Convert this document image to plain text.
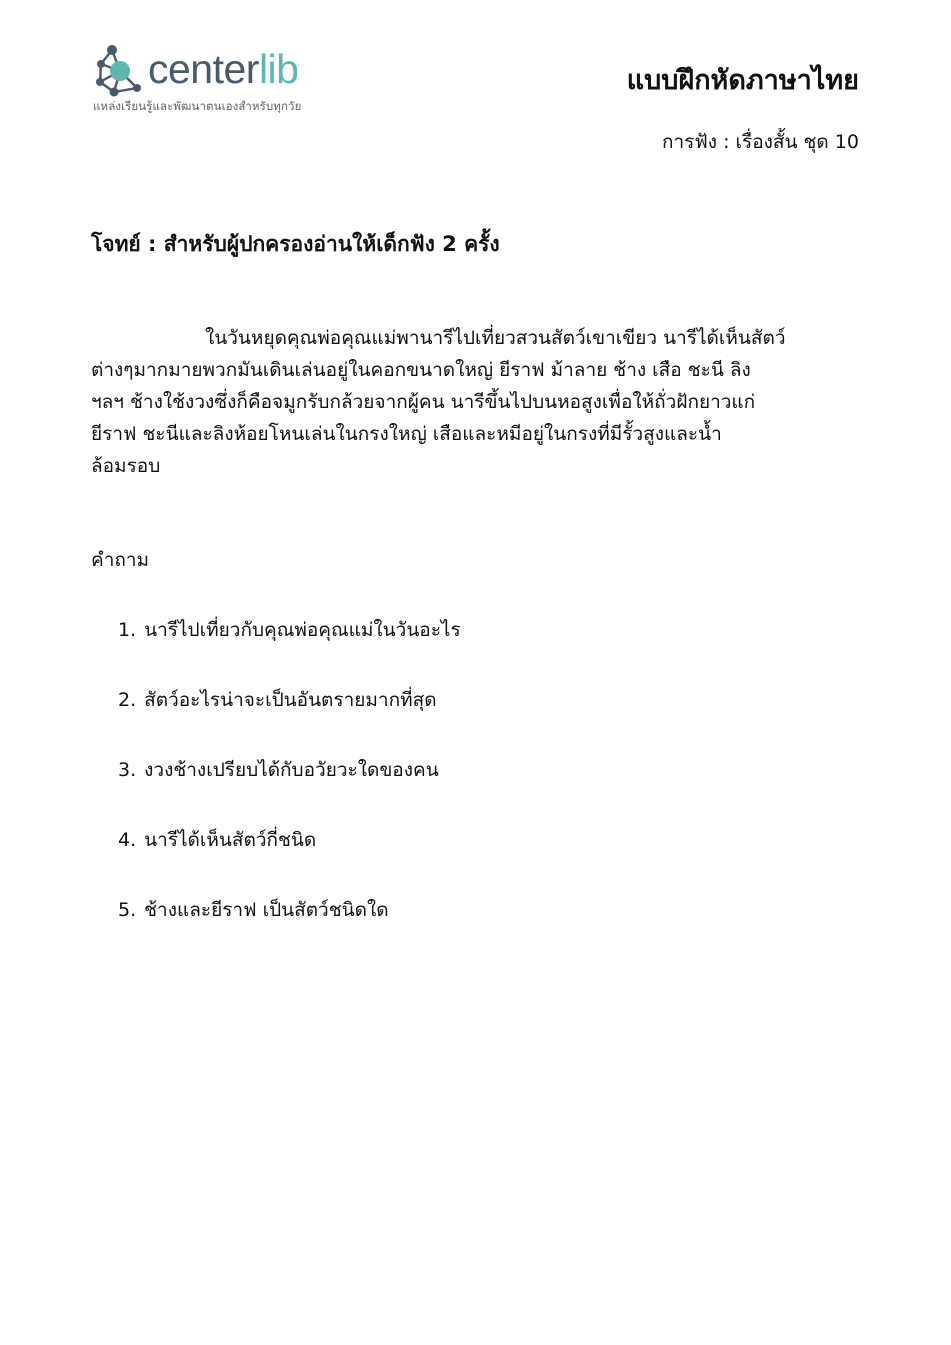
centerlib
แหล่งเรียนรู้และพัฒนาตนเองสำหรับทุกวัย
แบบฝึกหัดภาษาไทย
การฟัง : เรื่องสั้น ชุด 10
โจทย์ : สำหรับผู้ปกครองอ่านให้เด็กฟัง 2 ครั้ง
ในวันหยุดคุณพ่อคุณแม่พานารีไปเที่ยวสวนสัตว์เขาเขียว นารีได้เห็นสัตว์
ต่างๆมากมายพวกมันเดินเล่นอยู่ในคอกขนาดใหญ่ ยีราฟ ม้าลาย ช้าง เสือ ชะนี ลิง
ฯลฯ ช้างใช้งวงซึ่งก็คือจมูกรับกล้วยจากผู้คน นารีขึ้นไปบนหอสูงเพื่อให้ถั่วฝักยาวแก่
ยีราฟ ชะนีและลิงห้อยโหนเล่นในกรงใหญ่ เสือและหมีอยู่ในกรงที่มีรั้วสูงและน้ำ
ล้อมรอบ
คำถาม
1. นารีไปเที่ยวกับคุณพ่อคุณแม่ในวันอะไร
2. สัตว์อะไรน่าจะเป็นอันตรายมากที่สุด
3. งวงช้างเปรียบได้กับอวัยวะใดของคน
4. นารีได้เห็นสัตว์กี่ชนิด
5. ช้างและยีราฟ เป็นสัตว์ชนิดใด
